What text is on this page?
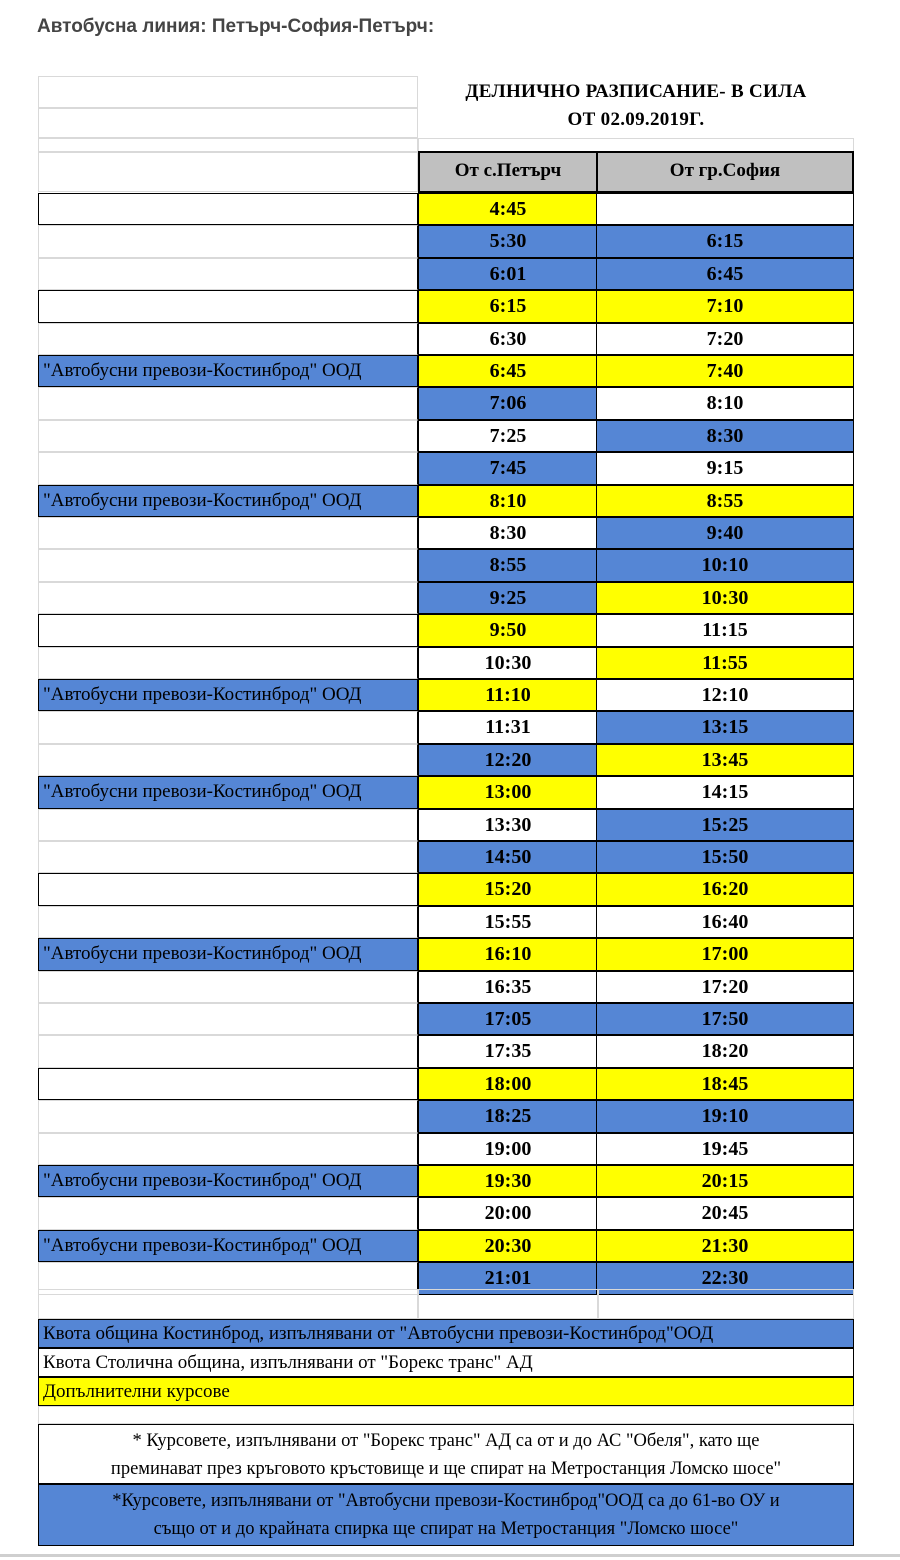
Автобусна линия: Петърч-София-Петърч:
ДЕЛНИЧНО РАЗПИСАНИЕ- В СИЛА
ОТ 02.09.2019Г.
От с.Петърч	От гр.София
4:45
5:30	6:15
6:01	6:45
6:15	7:10
6:30	7:20
"Автобусни превози-Костинброд" ООД	6:45	7:40
7:06	8:10
7:25	8:30
7:45	9:15
"Автобусни превози-Костинброд" ООД	8:10	8:55
8:30	9:40
8:55	10:10
9:25	10:30
9:50	11:15
10:30	11:55
"Автобусни превози-Костинброд" ООД	11:10	12:10
11:31	13:15
12:20	13:45
"Автобусни превози-Костинброд" ООД	13:00	14:15
13:30	15:25
14:50	15:50
15:20	16:20
15:55	16:40
"Автобусни превози-Костинброд" ООД	16:10	17:00
16:35	17:20
17:05	17:50
17:35	18:20
18:00	18:45
18:25	19:10
19:00	19:45
"Автобусни превози-Костинброд" ООД	19:30	20:15
20:00	20:45
"Автобусни превози-Костинброд" ООД	20:30	21:30
21:01	22:30
Квота община Костинброд, изпълнявани от "Автобусни превози-Костинброд"ООД
Квота Столична община, изпълнявани от "Борекс транс" АД
Допълнителни курсове
* Курсовете, изпълнявани от "Борекс транс" АД са от и до АС "Обеля", като ще
преминават през кръговото кръстовище и ще спират на Метростанция Ломско шосе"
*Курсовете, изпълнявани от "Автобусни превози-Костинброд"ООД са до 61-во ОУ и
също от и до крайната спирка ще спират на Метростанция "Ломско шосе"
